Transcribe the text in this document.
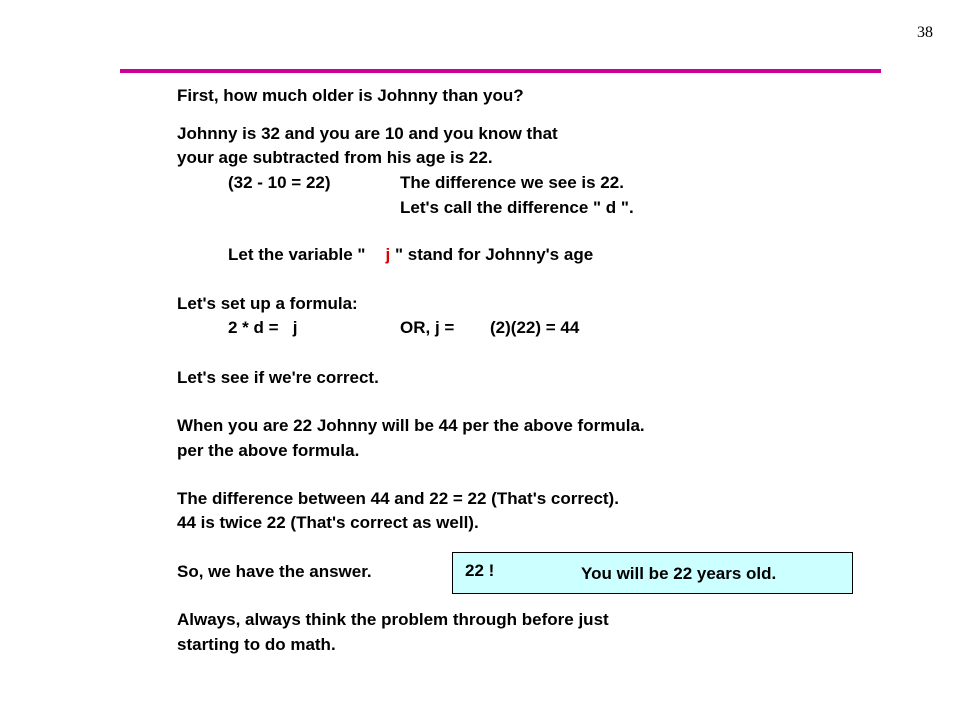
38
First, how much older is Johnny than you?
Johnny is 32 and you are 10 and you know that
your age subtracted from his age is 22.
(32 - 10 = 22)	The difference we see is 22.
Let's call the difference " d ".
Let the variable " j " stand for Johnny's age
Let's set up a formula:
2 * d =   j	OR, j = (2)(22) = 44
Let's see if we're correct.
When you are 22 Johnny will be 44 per the above formula.
per the above formula.
The difference between 44 and 22 = 22 (That's correct).
44 is twice 22 (That's correct as well).
So, we have the answer.	22 !	You will be 22 years old.
Always, always think the problem through before just
starting to do math.
